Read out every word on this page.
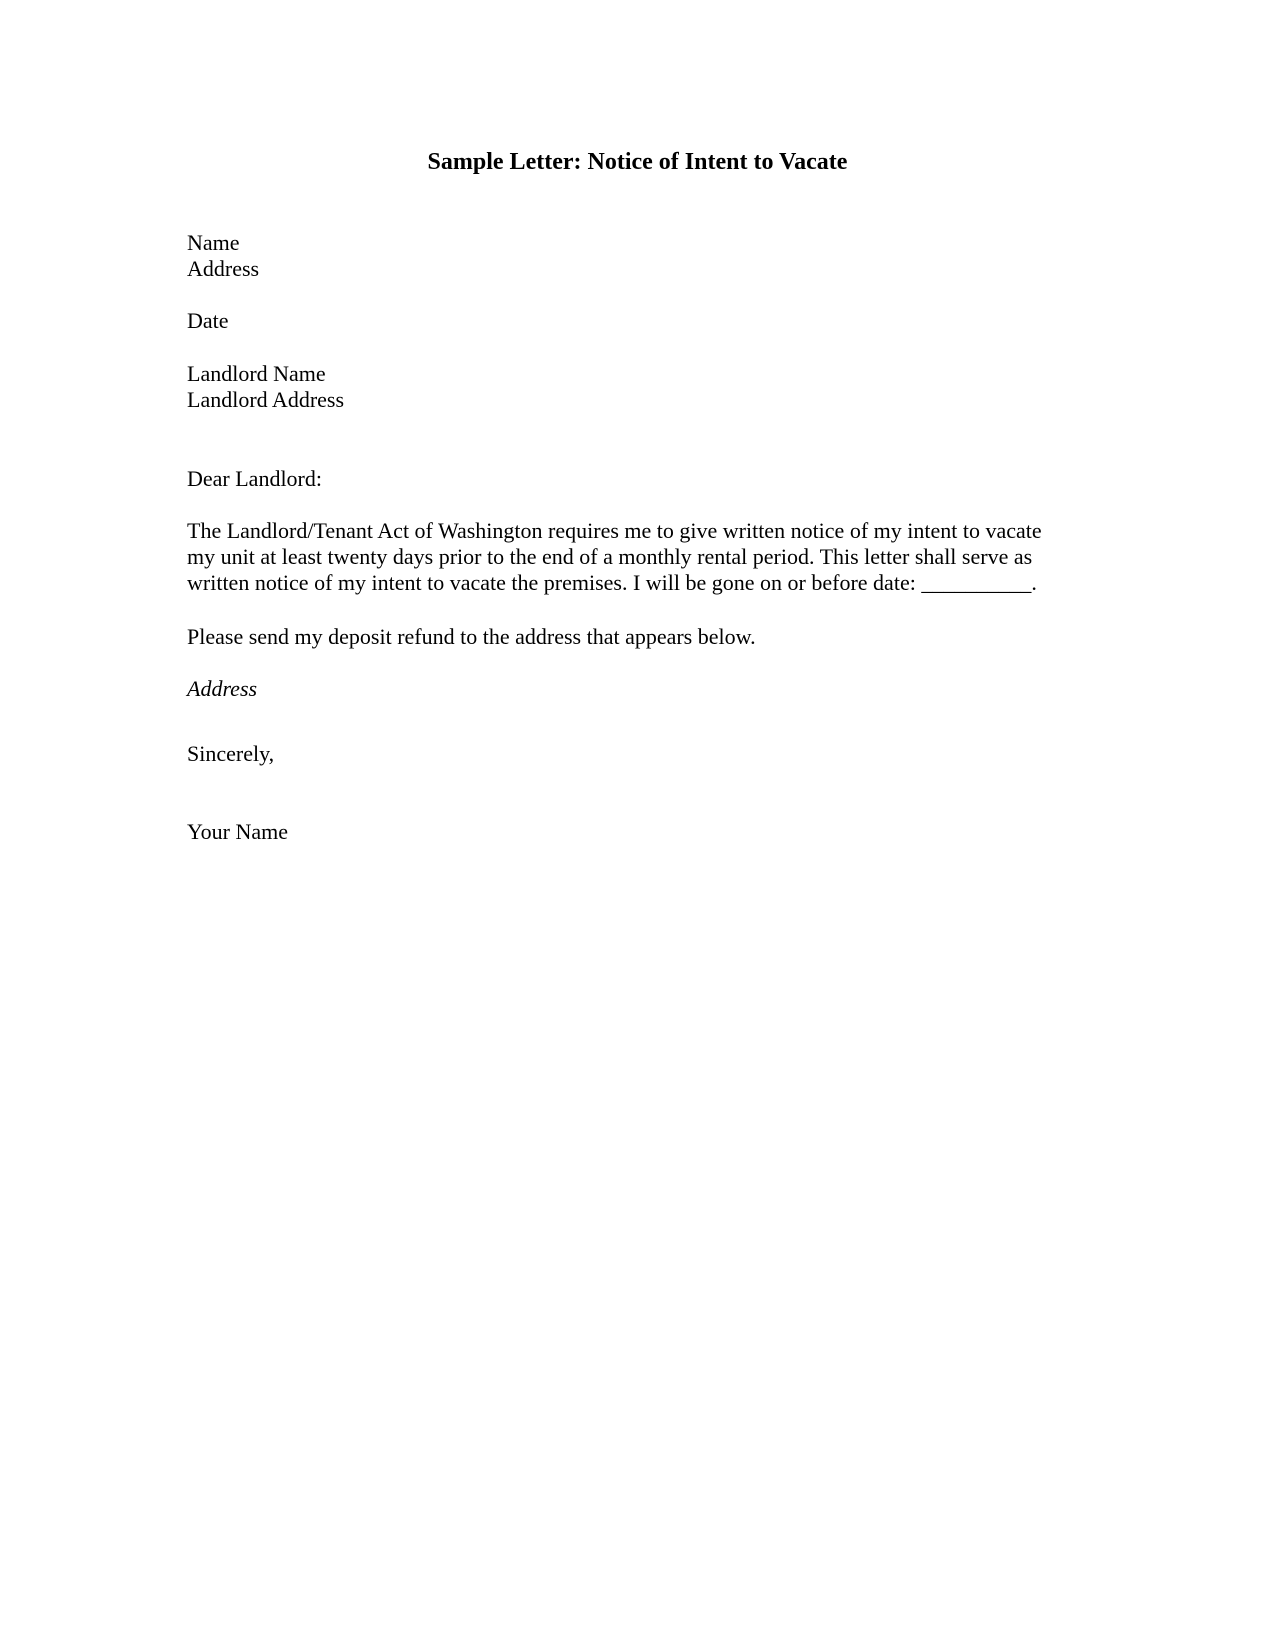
Sample Letter: Notice of Intent to Vacate
Name
Address
Date
Landlord Name
Landlord Address
Dear Landlord:
The Landlord/Tenant Act of Washington requires me to give written notice of my intent to vacate
my unit at least twenty days prior to the end of a monthly rental period. This letter shall serve as
written notice of my intent to vacate the premises. I will be gone on or before date: __________.
Please send my deposit refund to the address that appears below.
Address
Sincerely,
Your Name
